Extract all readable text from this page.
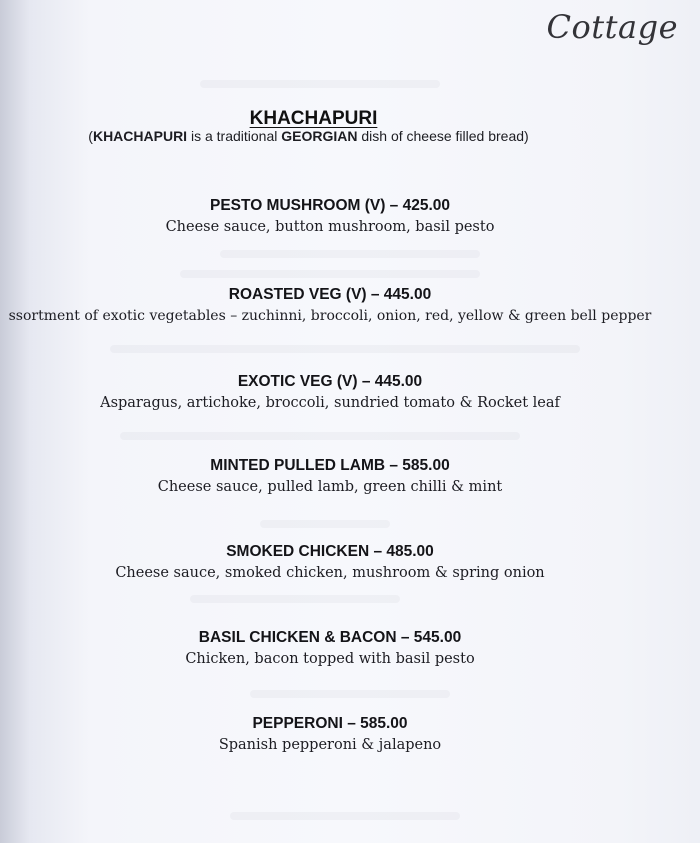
Cottage
KHACHAPURI
(KHACHAPURI is a traditional GEORGIAN dish of cheese filled bread)
PESTO MUSHROOM (V) – 425.00
Cheese sauce, button mushroom, basil pesto
ROASTED VEG (V) – 445.00
ssortment of exotic vegetables – zuchinni, broccoli, onion, red, yellow & green bell pepper
EXOTIC VEG (V) – 445.00
Asparagus, artichoke, broccoli, sundried tomato & Rocket leaf
MINTED PULLED LAMB – 585.00
Cheese sauce, pulled lamb, green chilli & mint
SMOKED CHICKEN – 485.00
Cheese sauce, smoked chicken, mushroom & spring onion
BASIL CHICKEN & BACON – 545.00
Chicken, bacon topped with basil pesto
PEPPERONI – 585.00
Spanish pepperoni & jalapeno
